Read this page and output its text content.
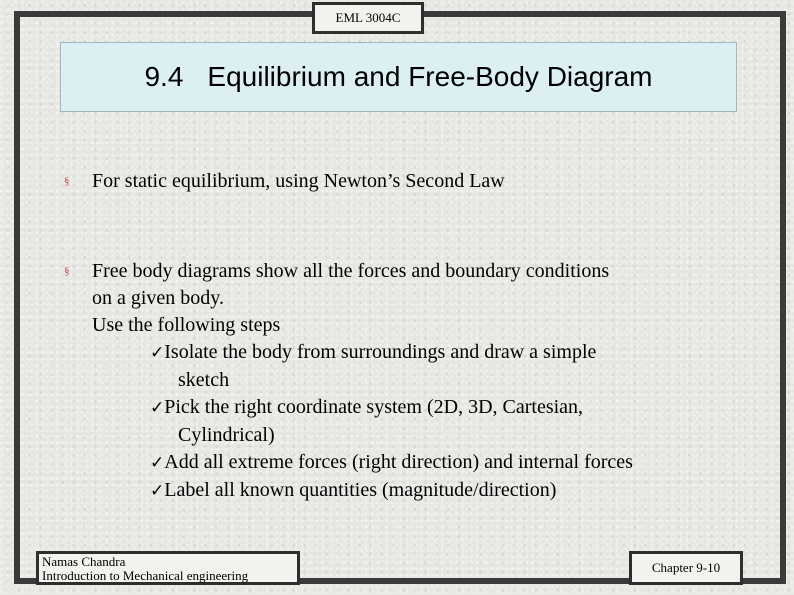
EML 3004C
9.4 Equilibrium and Free-Body Diagram
§ For static equilibrium, using Newton’s Second Law
§ Free body diagrams show all the forces and boundary conditions
on a given body.
Use the following steps
✓Isolate the body from surroundings and draw a simple
sketch
✓Pick the right coordinate system (2D, 3D, Cartesian,
Cylindrical)
✓Add all extreme forces (right direction) and internal forces
✓Label all known quantities (magnitude/direction)
Namas Chandra
Introduction to Mechanical engineering
Chapter 9-10
